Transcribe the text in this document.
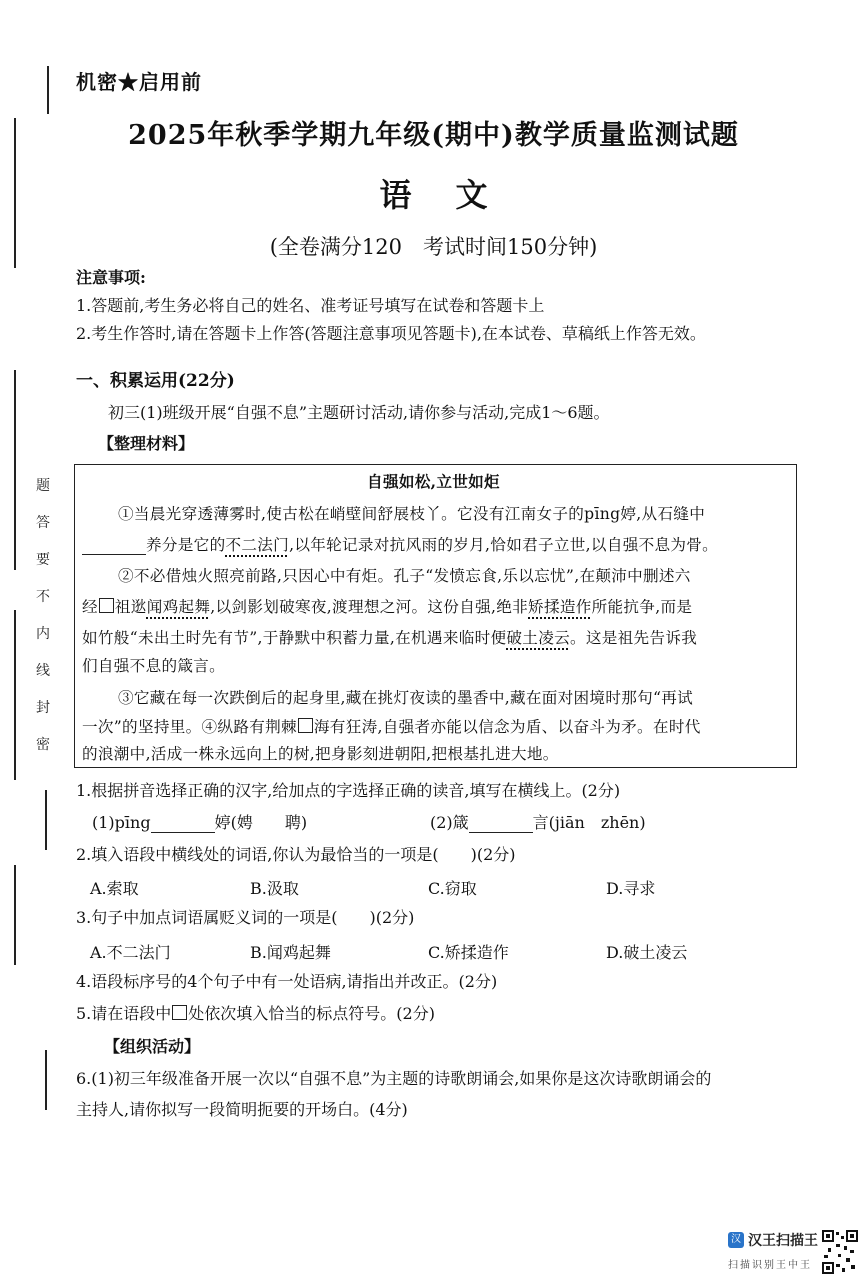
题
答
要
不
内
线
封
密
机密★启用前
2025年秋季学期九年级(期中)教学质量监测试题
语文
(全卷满分120　考试时间150分钟)
注意事项:
1.答题前,考生务必将自己的姓名、准考证号填写在试卷和答题卡上
2.考生作答时,请在答题卡上作答(答题注意事项见答题卡),在本试卷、草稿纸上作答无效。
一、积累运用(22分)
初三(1)班级开展“自强不息”主题研讨活动,请你参与活动,完成1～6题。
【整理材料】
自强如松,立世如炬
①当晨光穿透薄雾时,使古松在峭壁间舒展枝丫。它没有江南女子的pīng婷,从石缝中
养分是它的不二法门,以年轮记录对抗风雨的岁月,恰如君子立世,以自强不息为骨。
②不必借烛火照亮前路,只因心中有炬。孔子“发愤忘食,乐以忘忧”,在颠沛中删述六
经 祖逖闻鸡起舞,以剑影划破寒夜,渡理想之河。这份自强,绝非矫揉造作所能抗争,而是
如竹般“未出土时先有节”,于静默中积蓄力量,在机遇来临时便破土凌云。这是祖先告诉我
们自强不息的箴言。
③它藏在每一次跌倒后的起身里,藏在挑灯夜读的墨香中,藏在面对困境时那句“再试
一次”的坚持里。④纵路有荆棘 海有狂涛,自强者亦能以信念为盾、以奋斗为矛。在时代
的浪潮中,活成一株永远向上的树,把身影刻进朝阳,把根基扎进大地。
1.根据拼音选择正确的汉字,给加点的字选择正确的读音,填写在横线上。(2分)
(1)pīng	婷(娉　　聘)	(2)箴	言(jiān　zhēn)
2.填入语段中横线处的词语,你认为最恰当的一项是(　　)(2分)
A.索取	B.汲取	C.窃取	D.寻求
3.句子中加点词语属贬义词的一项是(　　)(2分)
A.不二法门	B.闻鸡起舞	C.矫揉造作	D.破土凌云
4.语段标序号的4个句子中有一处语病,请指出并改正。(2分)
5.请在语段中 处依次填入恰当的标点符号。(2分)
【组织活动】
6.(1)初三年级准备开展一次以“自强不息”为主题的诗歌朗诵会,如果你是这次诗歌朗诵会的
主持人,请你拟写一段简明扼要的开场白。(4分)
汉 汉王扫描王
扫描识别王中王
